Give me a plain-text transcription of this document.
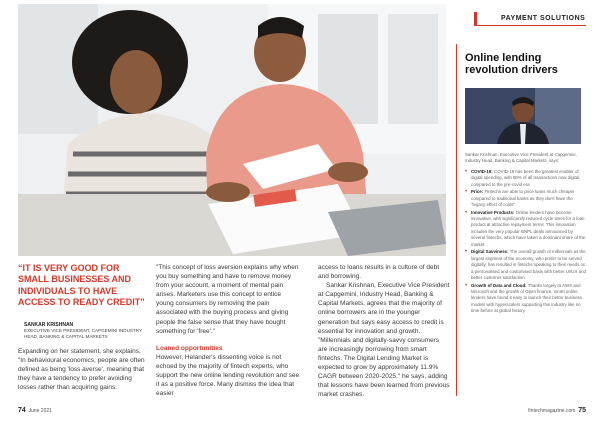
PAYMENT SOLUTIONS
Online lending revolution drivers
Sankar Krishnan, Executive Vice President at Capgemini, Industry Head, Banking & Capital Markets, says:
• COVID-19: COVID-19 has been the greatest enabler of digital spending, with 80% of all transactions now digital, compared to the pre-covid era
• Price: Fintechs are able to price loans much cheaper compared to traditional banks as they don't have the "legacy effect of costs"
• Innovative Products: Online lenders have become innovative, with significantly reduced cycle times for a loan product at attractive repayment terms. This innovation includes the very popular BNPL deals announced by several fintechs, which have taken a dominant share of the market
• Digital Savviness: The overall growth of millennials as the largest segment of the economy, who prefer to be served digitally, has resulted in fintechs speaking to their needs on a personalised and customised basis with better UI/UX and better customer satisfaction
• Growth of Data and Cloud: Thanks largely to AWS and Microsoft and the growth of Open finance, smart online lenders have found it easy to launch their better business models with hyperscalers supporting this industry like no time before at global history
“IT IS VERY GOOD FOR SMALL BUSINESSES AND INDIVIDUALS TO HAVE ACCESS TO READY CREDIT”
SANKAR KRISHNAN
EXECUTIVE VICE PRESIDENT, CAPGEMINI INDUSTRY HEAD, BANKING & CAPITAL MARKETS
Expanding on her statement, she explains, "In behavioural economics, people are often defined as being 'loss averse', meaning that they have a tendency to prefer avoiding losses rather than acquiring gains.
"This concept of loss aversion explains why when you buy something and have to remove money from your account, a moment of mental pain arises. Marketers use this concept to entice young consumers by removing the pain associated with the buying process and giving people the false sense that they have bought something for 'free'."
Loaned opportunities
However, Helander's dissenting voice is not echoed by the majority of fintech experts, who support the new online lending revolution and see it as a positive force. Many dismiss the idea that easier
access to loans results in a culture of debt and borrowing.
Sankar Krishnan, Executive Vice President at Capgemini, Industry Head, Banking & Capital Markets, agrees that the majority of online borrowers are in the younger generation but says easy access to credit is essential for innovation and growth. "Millennials and digitally-savvy consumers are increasingly borrowing from smart fintechs. The Digital Lending Market is expected to grow by approximately 11.9% CAGR between 2020-2025," he says, adding that lessons have been learned from previous market crashes.
74 June 2021	fintechmagazine.com 75
